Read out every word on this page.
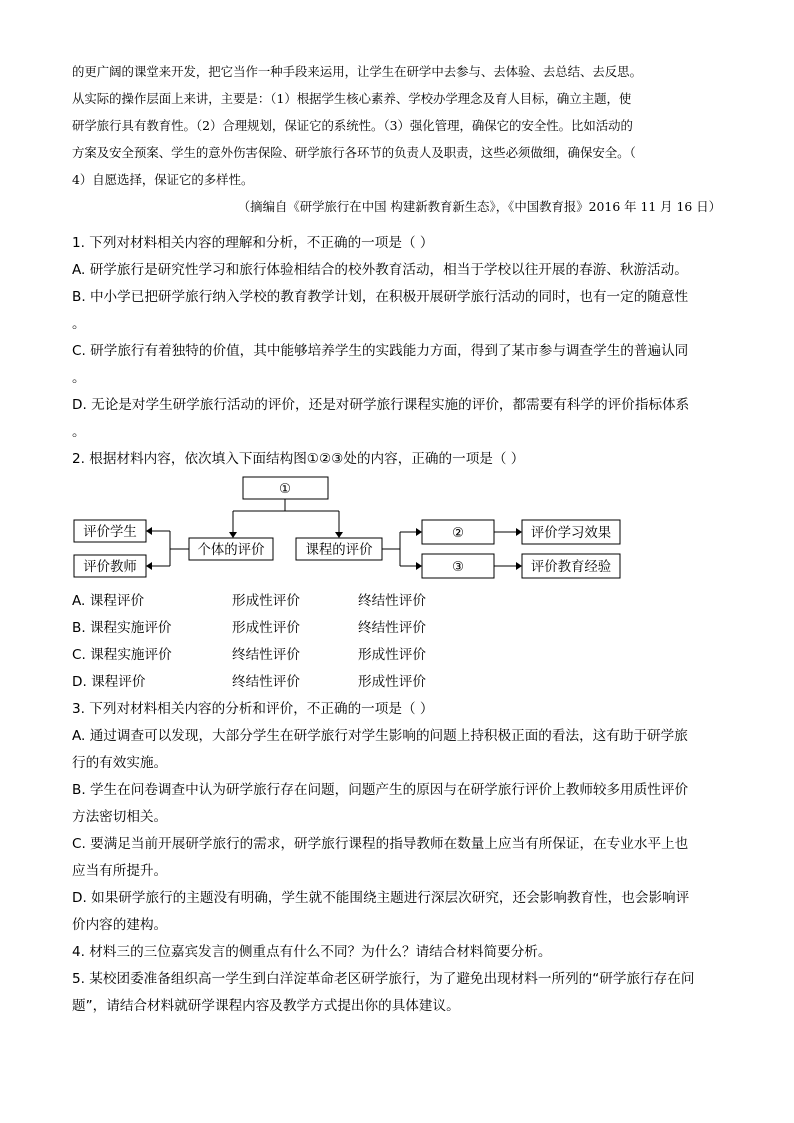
的更广阔的课堂来开发，把它当作一种手段来运用，让学生在研学中去参与、去体验、去总结、去反思。
从实际的操作层面上来讲，主要是：（1）根据学生核心素养、学校办学理念及育人目标，确立主题，使
研学旅行具有教育性。（2）合理规划，保证它的系统性。（3）强化管理，确保它的安全性。比如活动的
方案及安全预案、学生的意外伤害保险、研学旅行各环节的负责人及职责，这些必须做细，确保安全。（
4）自愿选择，保证它的多样性。
（摘编自《研学旅行在中国 构建新教育新生态》，《中国教育报》2016 年 11 月 16 日）
1. 下列对材料相关内容的理解和分析，不正确的一项是（ ）
A. 研学旅行是研究性学习和旅行体验相结合的校外教育活动，相当于学校以往开展的春游、秋游活动。
B. 中小学已把研学旅行纳入学校的教育教学计划，在积极开展研学旅行活动的同时，也有一定的随意性
。
C. 研学旅行有着独特的价值，其中能够培养学生的实践能力方面，得到了某市参与调查学生的普遍认同
。
D. 无论是对学生研学旅行活动的评价，还是对研学旅行课程实施的评价，都需要有科学的评价指标体系
。
2. 根据材料内容，依次填入下面结构图①②③处的内容，正确的一项是（ ）
①
评价学生
评价教师
个体的评价	课程的评价
②
③
评价学习效果
评价教育经验
A. 课程评价	形成性评价	终结性评价
B. 课程实施评价	形成性评价	终结性评价
C. 课程实施评价	终结性评价	形成性评价
D. 课程评价	终结性评价	形成性评价
3. 下列对材料相关内容的分析和评价，不正确的一项是（ ）
A. 通过调查可以发现，大部分学生在研学旅行对学生影响的问题上持积极正面的看法，这有助于研学旅
行的有效实施。
B. 学生在问卷调查中认为研学旅行存在问题，问题产生的原因与在研学旅行评价上教师较多用质性评价
方法密切相关。
C. 要满足当前开展研学旅行的需求，研学旅行课程的指导教师在数量上应当有所保证，在专业水平上也
应当有所提升。
D. 如果研学旅行的主题没有明确，学生就不能围绕主题进行深层次研究，还会影响教育性，也会影响评
价内容的建构。
4. 材料三的三位嘉宾发言的侧重点有什么不同？为什么？请结合材料简要分析。
5. 某校团委准备组织高一学生到白洋淀革命老区研学旅行，为了避免出现材料一所列的“研学旅行存在问
题”，请结合材料就研学课程内容及教学方式提出你的具体建议。
